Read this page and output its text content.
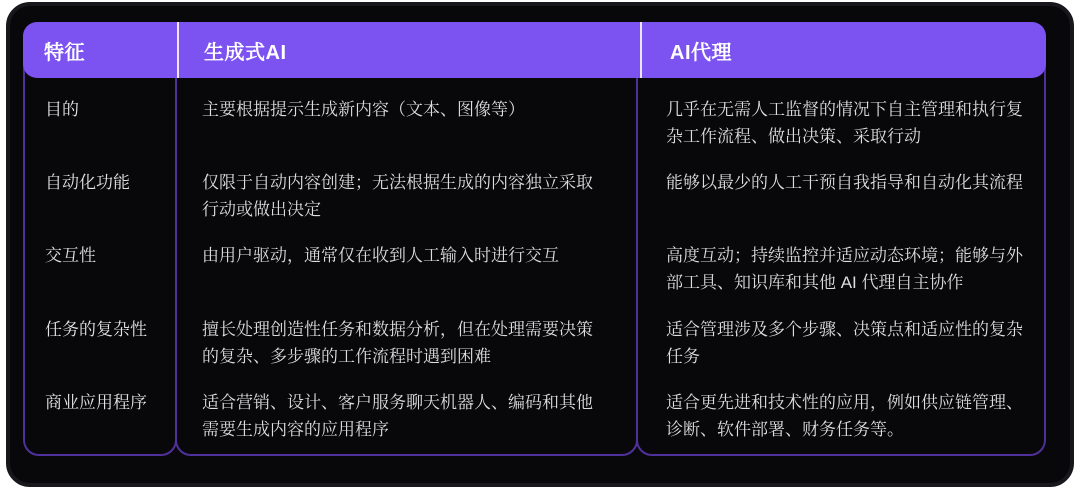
特征	生成式AI	AI代理
目的
自动化功能
交互性
任务的复杂性
商业应用程序
主要根据提示生成新内容（文本、图像等）
仅限于自动内容创建；无法根据生成的内容独立采取行动或做出决定
由用户驱动，通常仅在收到人工输入时进行交互
擅长处理创造性任务和数据分析，但在处理需要决策的复杂、多步骤的工作流程时遇到困难
适合营销、设计、客户服务聊天机器人、编码和其他需要生成内容的应用程序
几乎在无需人工监督的情况下自主管理和执行复杂工作流程、做出决策、采取行动
能够以最少的人工干预自我指导和自动化其流程
高度互动；持续监控并适应动态环境；能够与外部工具、知识库和其他 AI 代理自主协作
适合管理涉及多个步骤、决策点和适应性的复杂任务
适合更先进和技术性的应用，例如供应链管理、诊断、软件部署、财务任务等。
